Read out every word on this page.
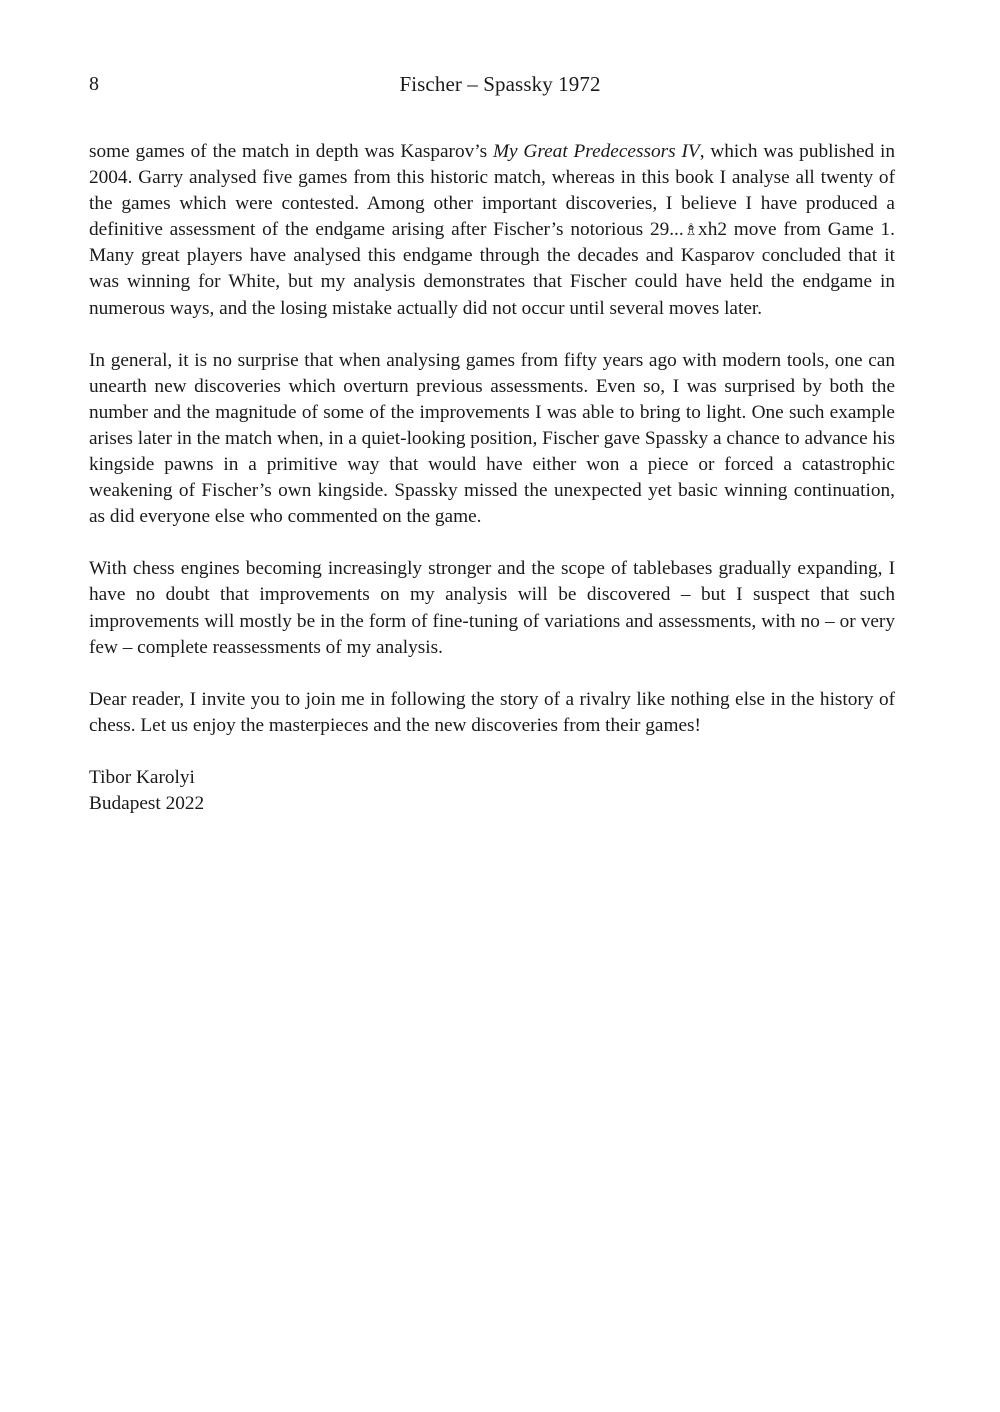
8	Fischer – Spassky 1972

some games of the match in depth was Kasparov’s My Great Predecessors IV, which was published in 2004. Garry analysed five games from this historic match, whereas in this book I analyse all twenty of the games which were contested. Among other important discoveries, I believe I have produced a definitive assessment of the endgame arising after Fischer’s notorious 29...♗xh2 move from Game 1. Many great players have analysed this endgame through the decades and Kasparov concluded that it was winning for White, but my analysis demonstrates that Fischer could have held the endgame in numerous ways, and the losing mistake actually did not occur until several moves later.

In general, it is no surprise that when analysing games from fifty years ago with modern tools, one can unearth new discoveries which overturn previous assessments. Even so, I was surprised by both the number and the magnitude of some of the improvements I was able to bring to light. One such example arises later in the match when, in a quiet-looking position, Fischer gave Spassky a chance to advance his kingside pawns in a primitive way that would have either won a piece or forced a catastrophic weakening of Fischer’s own kingside. Spassky missed the unexpected yet basic winning continuation, as did everyone else who commented on the game.

With chess engines becoming increasingly stronger and the scope of tablebases gradually expanding, I have no doubt that improvements on my analysis will be discovered – but I suspect that such improvements will mostly be in the form of fine-tuning of variations and assessments, with no – or very few – complete reassessments of my analysis.

Dear reader, I invite you to join me in following the story of a rivalry like nothing else in the history of chess. Let us enjoy the masterpieces and the new discoveries from their games!

Tibor Karolyi
Budapest 2022
